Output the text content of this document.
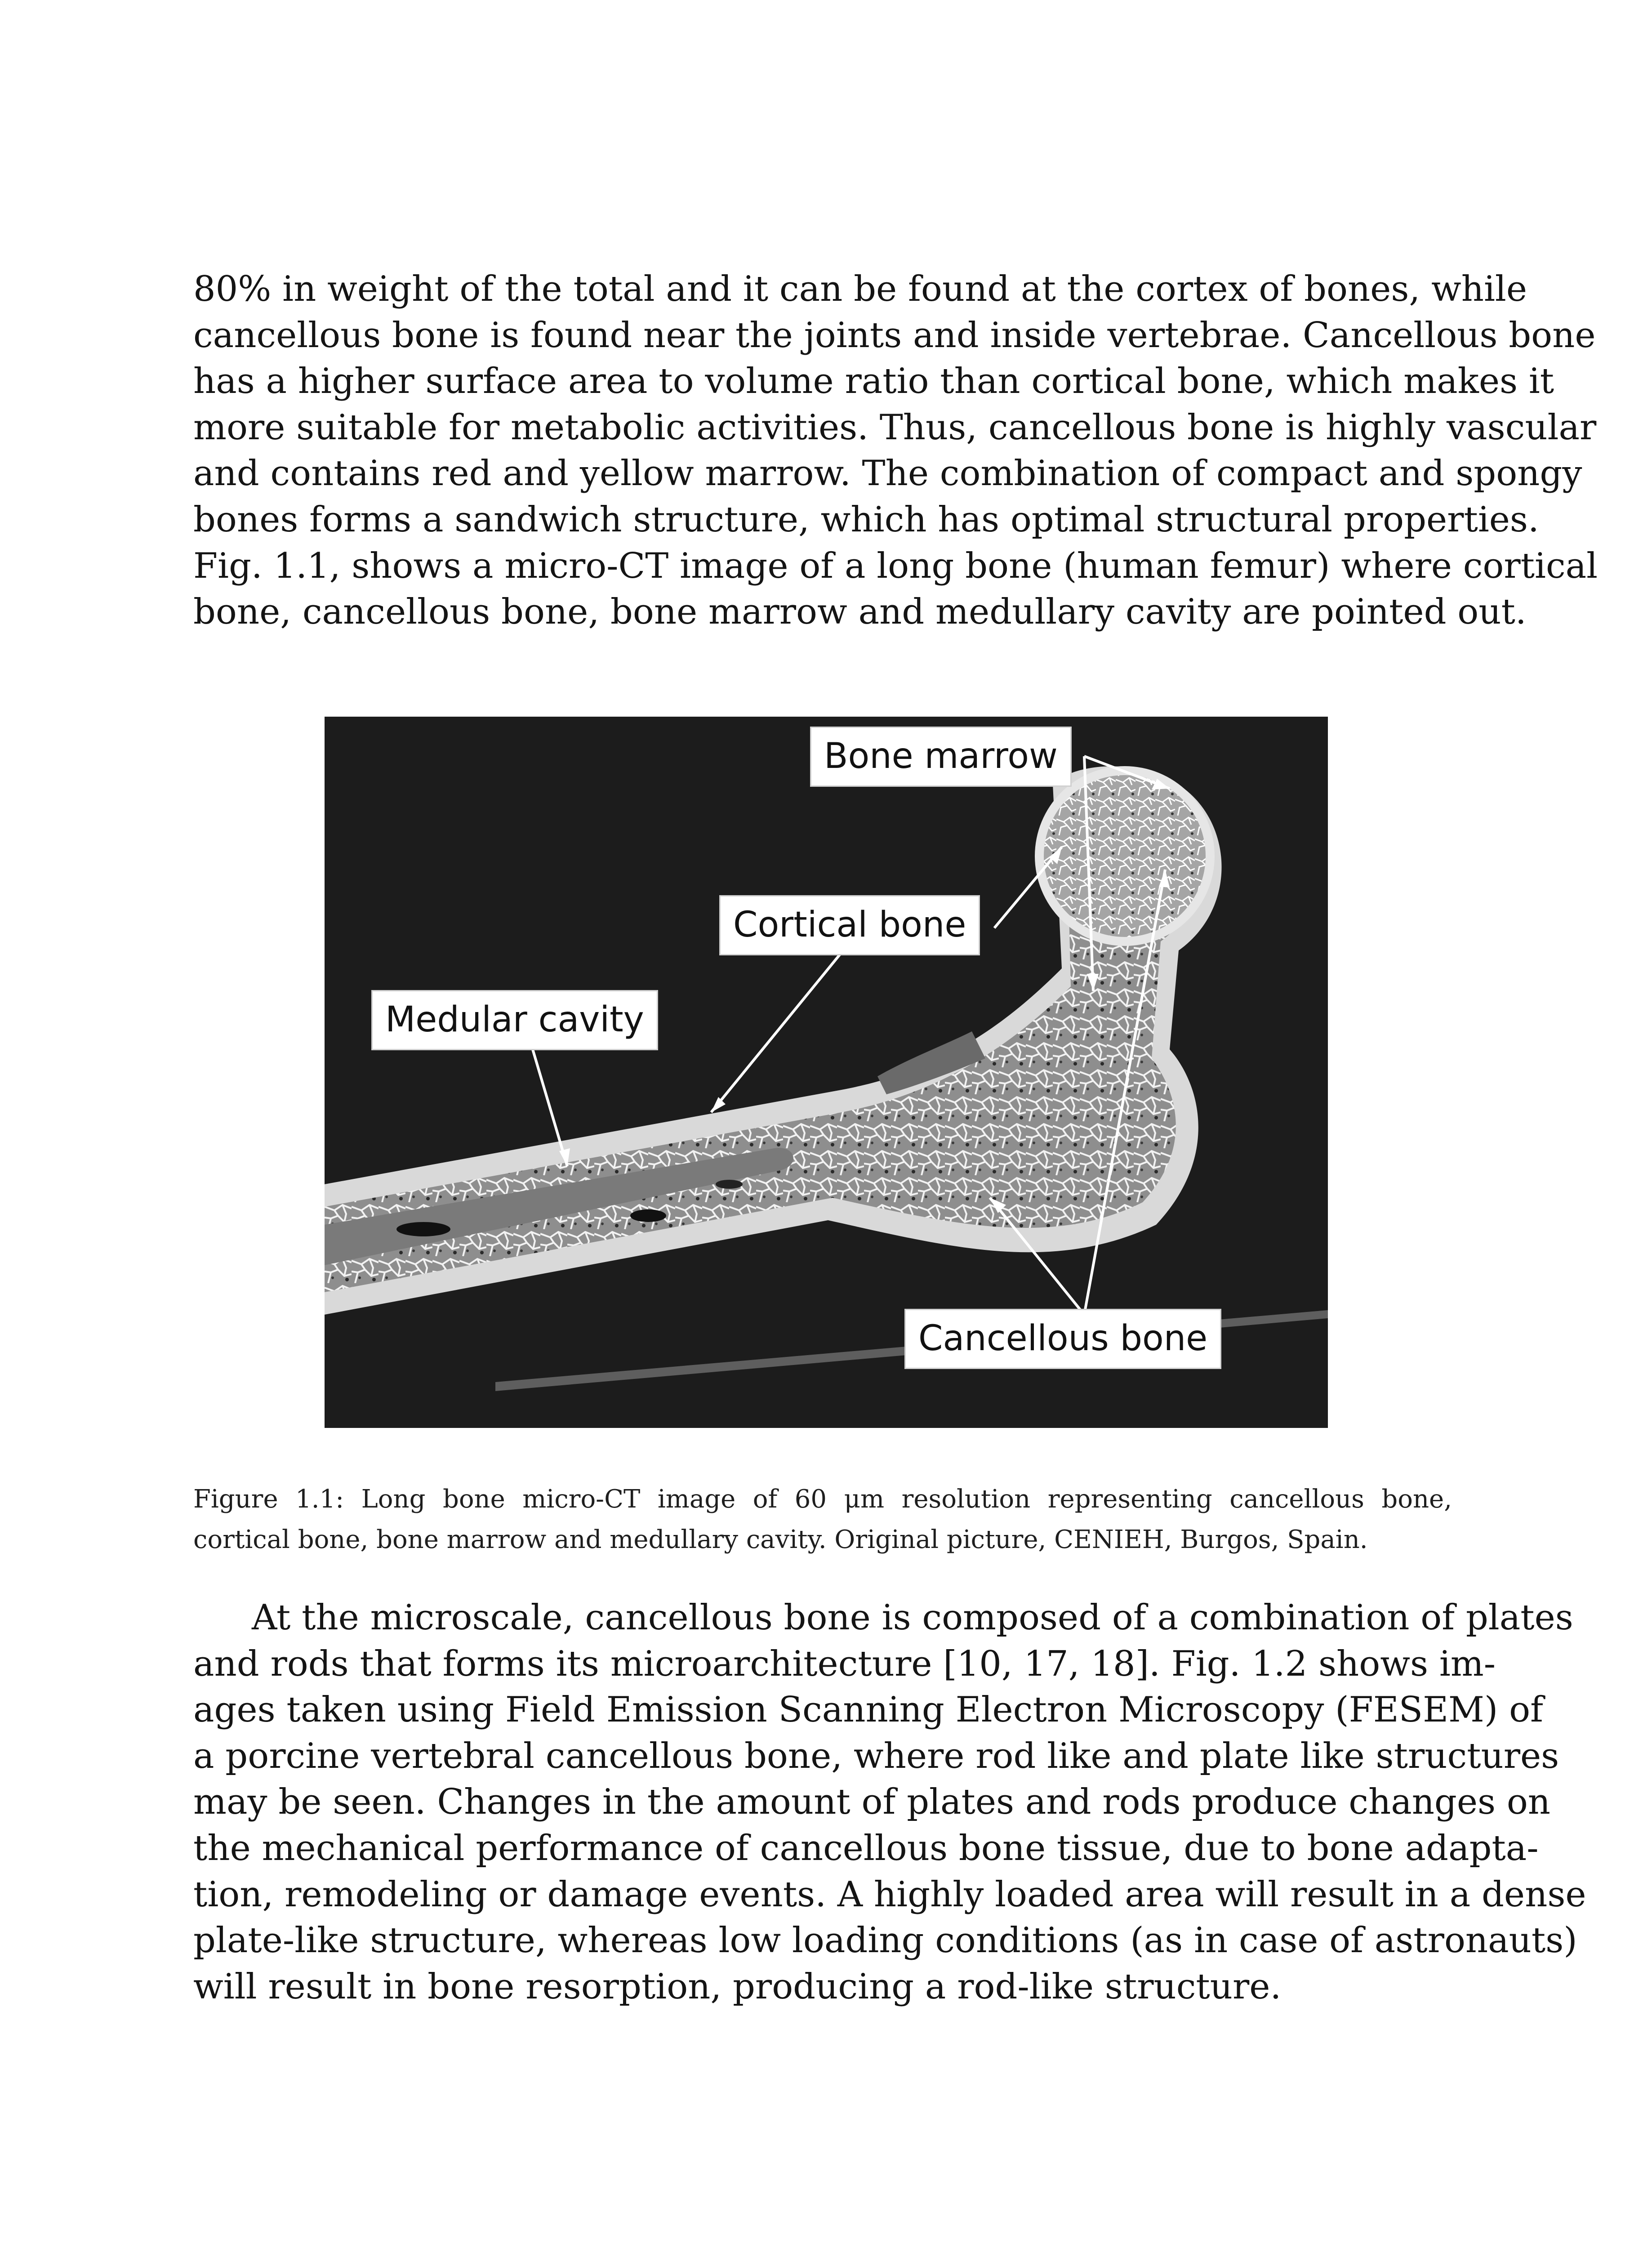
80% in weight of the total and it can be found at the cortex of bones, while
cancellous bone is found near the joints and inside vertebrae. Cancellous bone
has a higher surface area to volume ratio than cortical bone, which makes it
more suitable for metabolic activities. Thus, cancellous bone is highly vascular
and contains red and yellow marrow. The combination of compact and spongy
bones forms a sandwich structure, which has optimal structural properties.
Fig. 1.1, shows a micro-CT image of a long bone (human femur) where cortical
bone, cancellous bone, bone marrow and medullary cavity are pointed out.
Bone marrow
Cortical bone
Medular cavity
Cancellous bone
Figure 1.1: Long bone micro-CT image of 60 μm resolution representing cancellous bone,
cortical bone, bone marrow and medullary cavity. Original picture, CENIEH, Burgos, Spain.
At the microscale, cancellous bone is composed of a combination of plates
and rods that forms its microarchitecture [10, 17, 18]. Fig. 1.2 shows im-
ages taken using Field Emission Scanning Electron Microscopy (FESEM) of
a porcine vertebral cancellous bone, where rod like and plate like structures
may be seen. Changes in the amount of plates and rods produce changes on
the mechanical performance of cancellous bone tissue, due to bone adapta-
tion, remodeling or damage events. A highly loaded area will result in a dense
plate-like structure, whereas low loading conditions (as in case of astronauts)
will result in bone resorption, producing a rod-like structure.
